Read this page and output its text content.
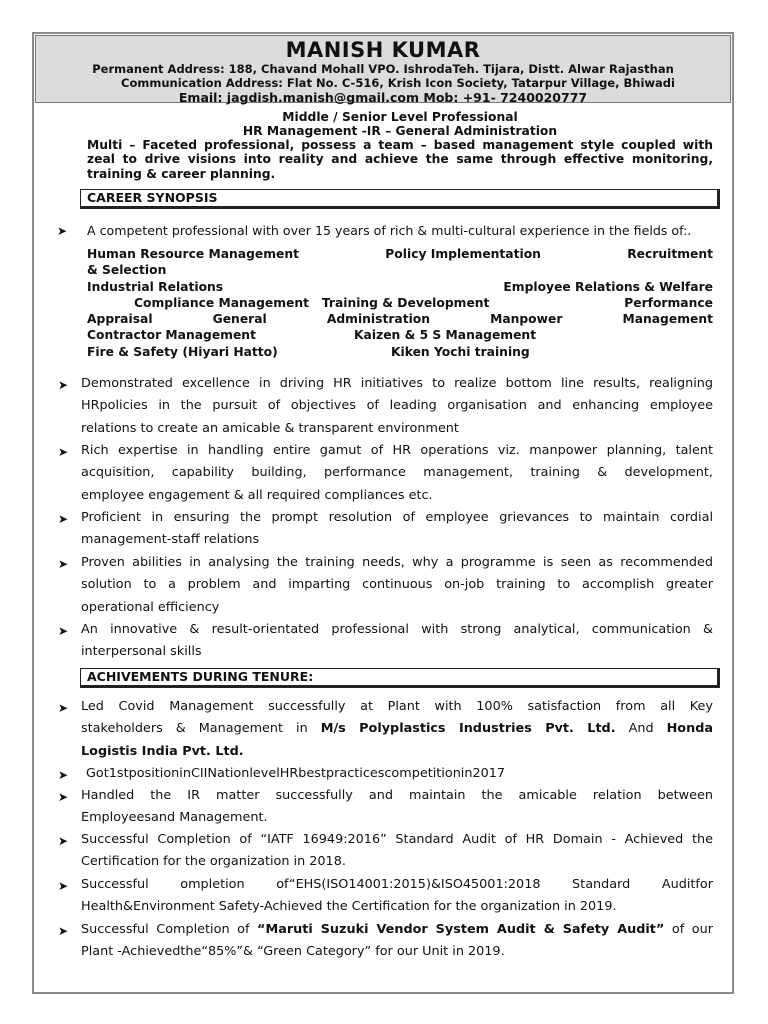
MANISH KUMAR
Permanent Address: 188, Chavand Mohall VPO. IshrodaTeh. Tijara, Distt. Alwar Rajasthan
Communication Address: Flat No. C-516, Krish Icon Society, Tatarpur Village, Bhiwadi
Email: jagdish.manish@gmail.com Mob: +91- 7240020777
Middle / Senior Level Professional
HR Management -IR – General Administration
Multi – Faceted professional, possess a team – based management style coupled with
zeal to drive visions into reality and achieve the same through effective monitoring,
training & career planning.
CAREER SYNOPSIS
➤ A competent professional with over 15 years of rich & multi-cultural experience in the fields of:.
Human Resource Management	Policy Implementation	Recruitment
& Selection
Industrial Relations	Employee Relations & Welfare
Compliance Management   Training & Development	Performance
Appraisal	General	Administration	Manpower	Management
Contractor Management	Kaizen & 5 S Management
Fire & Safety (Hiyari Hatto)	Kiken Yochi training
➤ Demonstrated excellence in driving HR initiatives to realize bottom line results, realigning
HRpolicies in the pursuit of objectives of leading organisation and enhancing employee
relations to create an amicable & transparent environment
➤ Rich expertise in handling entire gamut of HR operations viz. manpower planning, talent
acquisition, capability building, performance management, training & development,
employee engagement & all required compliances etc.
➤ Proficient in ensuring the prompt resolution of employee grievances to maintain cordial
management-staff relations
➤ Proven abilities in analysing the training needs, why a programme is seen as recommended
solution to a problem and imparting continuous on-job training to accomplish greater
operational efficiency
➤ An innovative & result-orientated professional with strong analytical, communication &
interpersonal skills
ACHIVEMENTS DURING TENURE:
➤ Led Covid Management successfully at Plant with 100% satisfaction from all Key
stakeholders & Management in M/s Polyplastics Industries Pvt. Ltd. And Honda
Logistis India Pvt. Ltd.
➤ Got1stpositioninCIINationlevelHRbestpracticescompetitionin2017
➤ Handled the IR matter successfully and maintain the amicable relation between
Employeesand Management.
➤ Successful Completion of “IATF 16949:2016” Standard Audit of HR Domain - Achieved the
Certification for the organization in 2018.
➤ Successful       ompletion       of“EHS(ISO14001:2015)&ISO45001:2018       Standard       Auditfor
Health&Environment Safety-Achieved the Certification for the organization in 2019.
➤ Successful Completion of “Maruti Suzuki Vendor System Audit & Safety Audit” of our
Plant -Achievedthe“85%”& “Green Category” for our Unit in 2019.
